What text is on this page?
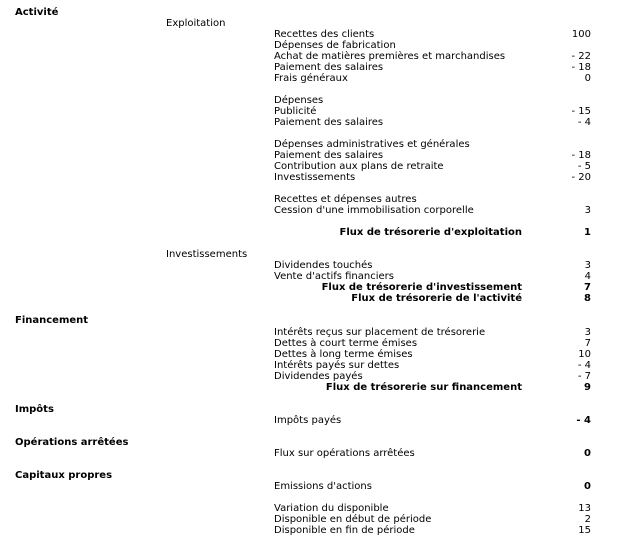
Activité
Financement
Impôts
Opérations arrêtées
Capitaux propres
Exploitation
Investissements
Recettes des clients	100
Dépenses de fabrication
Achat de matières premières et marchandises	- 22
Paiement des salaires	- 18
Frais généraux	0
Dépenses
Publicité	- 15
Paiement des salaires	- 4
Dépenses administratives et générales
Paiement des salaires	- 18
Contribution aux plans de retraite	- 5
Investissements	- 20
Recettes et dépenses autres
Cession d'une immobilisation corporelle	3
Flux de trésorerie d'exploitation	1
Dividendes touchés	3
Vente d'actifs financiers	4
Flux de trésorerie d'investissement	7
Flux de trésorerie de l'activité	8
Intérêts reçus sur placement de trésorerie	3
Dettes à court terme émises	7
Dettes à long terme émises	10
Intérêts payés sur dettes	- 4
Dividendes payés	- 7
Flux de trésorerie sur financement	9
Impôts payés	- 4
Flux sur opérations arrêtées	0
Emissions d'actions	0
Variation du disponible	13
Disponible en début de période	2
Disponible en fin de période	15
